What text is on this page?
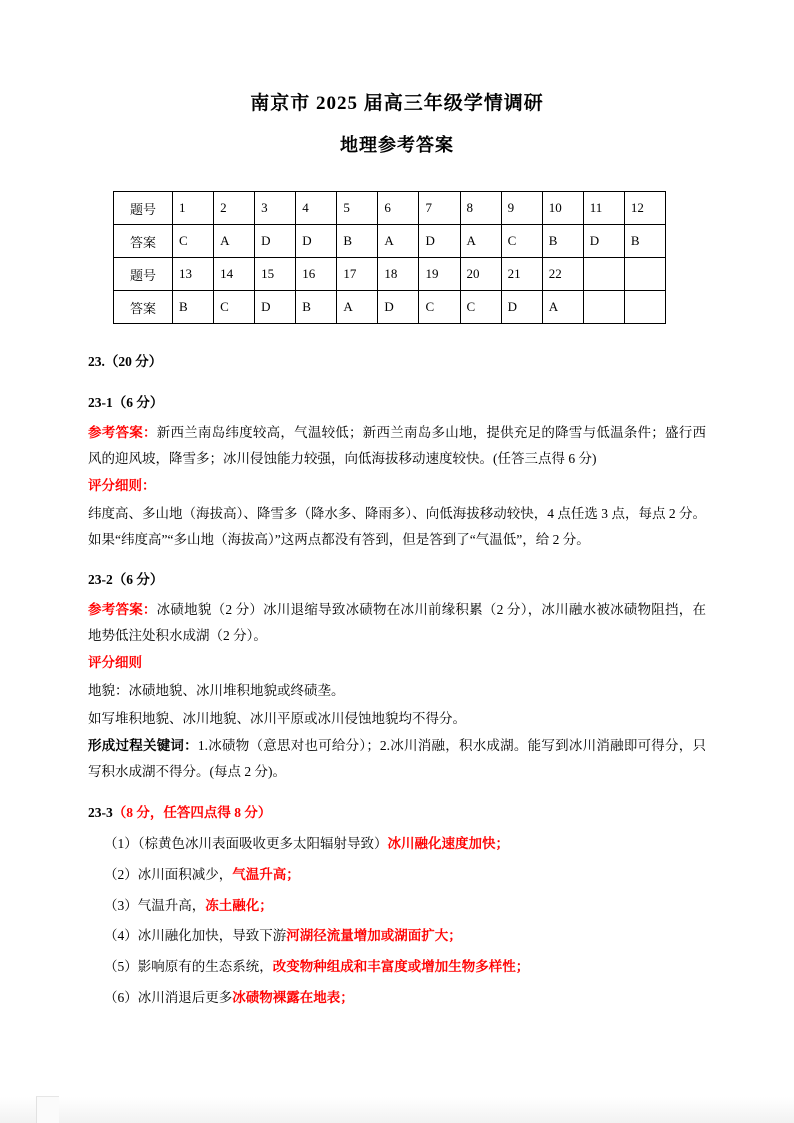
南京市 2025 届高三年级学情调研
地理参考答案
题号	1	2	3	4	5	6	7	8	9	10	11	12
答案	C	A	D	D	B	A	D	A	C	B	D	B
题号	13	14	15	16	17	18	19	20	21	22		
答案	B	C	D	B	A	D	C	C	D	A		
23.（20 分）
23-1（6 分）

参考答案：新西兰南岛纬度较高，气温较低；新西兰南岛多山地，提供充足的降雪与低温条件；盛行西风的迎风坡，降雪多；冰川侵蚀能力较强，向低海拔移动速度较快。(任答三点得 6 分)

评分细则：

纬度高、多山地（海拔高）、降雪多（降水多、降雨多）、向低海拔移动较快，4 点任选 3 点，每点 2 分。如果“纬度高”“多山地（海拔高）”这两点都没有答到，但是答到了“气温低”，给 2 分。

23-2（6 分）

参考答案：冰碛地貌（2 分）冰川退缩导致冰碛物在冰川前缘积累（2 分），冰川融水被冰碛物阻挡，在地势低注处积水成湖（2 分）。

评分细则

地貌：冰碛地貌、冰川堆积地貌或终碛垄。

如写堆积地貌、冰川地貌、冰川平原或冰川侵蚀地貌均不得分。

形成过程关键词：1.冰碛物（意思对也可给分）；2.冰川消融，积水成湖。能写到冰川消融即可得分，只写积水成湖不得分。(每点 2 分)。

23-3（8 分，任答四点得 8 分）
（1）（棕黄色冰川表面吸收更多太阳辐射导致）冰川融化速度加快；
（2）冰川面积减少，气温升高；
（3）气温升高，冻土融化；
（4）冰川融化加快，导致下游河湖径流量增加或湖面扩大；
（5）影响原有的生态系统，改变物种组成和丰富度或增加生物多样性；
（6）冰川消退后更多冰碛物裸露在地表；
